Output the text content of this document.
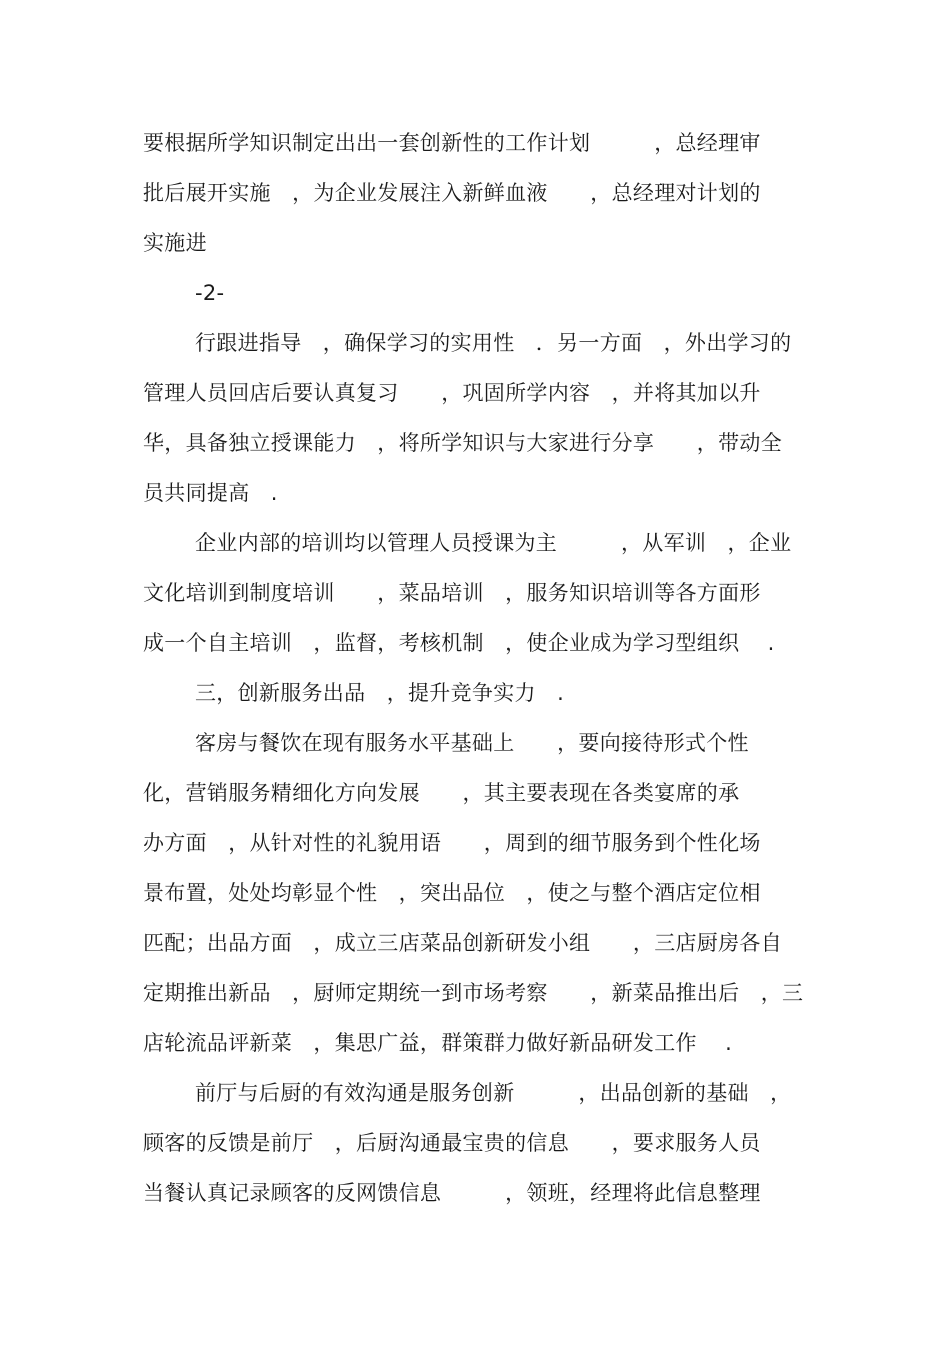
要根据所学知识制定出出一套创新性的工作计划　　　，总经理审
批后展开实施　，为企业发展注入新鲜血液　　，总经理对计划的
实施进
-2-
行跟进指导　，确保学习的实用性　．另一方面　，外出学习的
管理人员回店后要认真复习　　，巩固所学内容　，并将其加以升
华，具备独立授课能力　，将所学知识与大家进行分享　　，带动全
员共同提高　.
企业内部的培训均以管理人员授课为主　　　，从军训　，企业
文化培训到制度培训　　，菜品培训　，服务知识培训等各方面形
成一个自主培训　，监督，考核机制　，使企业成为学习型组织　 .
三，创新服务出品　，提升竞争实力　.
客房与餐饮在现有服务水平基础上　　，要向接待形式个性
化，营销服务精细化方向发展　　，其主要表现在各类宴席的承
办方面　，从针对性的礼貌用语　　，周到的细节服务到个性化场
景布置，处处均彰显个性　，突出品位　，使之与整个酒店定位相
匹配；出品方面　，成立三店菜品创新研发小组　　，三店厨房各自
定期推出新品　，厨师定期统一到市场考察　　，新菜品推出后　，三
店轮流品评新菜　，集思广益，群策群力做好新品研发工作　 .
前厅与后厨的有效沟通是服务创新　　　，出品创新的基础　，
顾客的反馈是前厅　，后厨沟通最宝贵的信息　　，要求服务人员
当餐认真记录顾客的反网馈信息　　　，领班，经理将此信息整理
